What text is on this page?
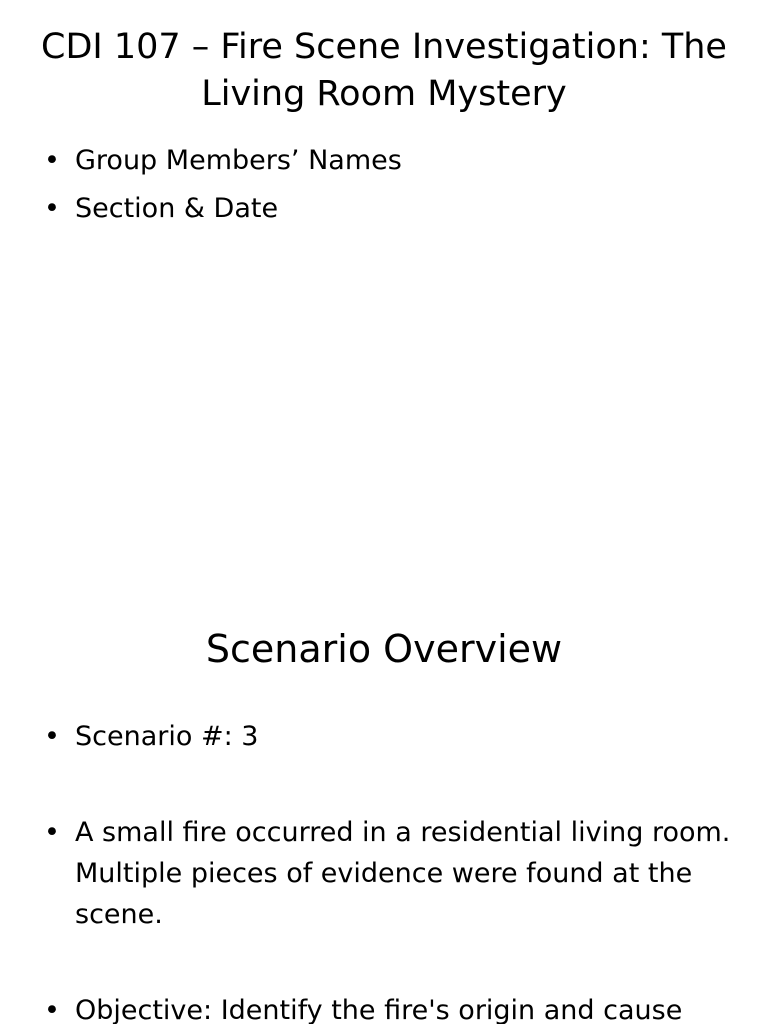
CDI 107 – Fire Scene Investigation: The Living Room Mystery
• Group Members’ Names
• Section & Date
Scenario Overview
• Scenario #: 3
• A small fire occurred in a residential living room. Multiple pieces of evidence were found at the scene.
• Objective: Identify the fire's origin and cause
